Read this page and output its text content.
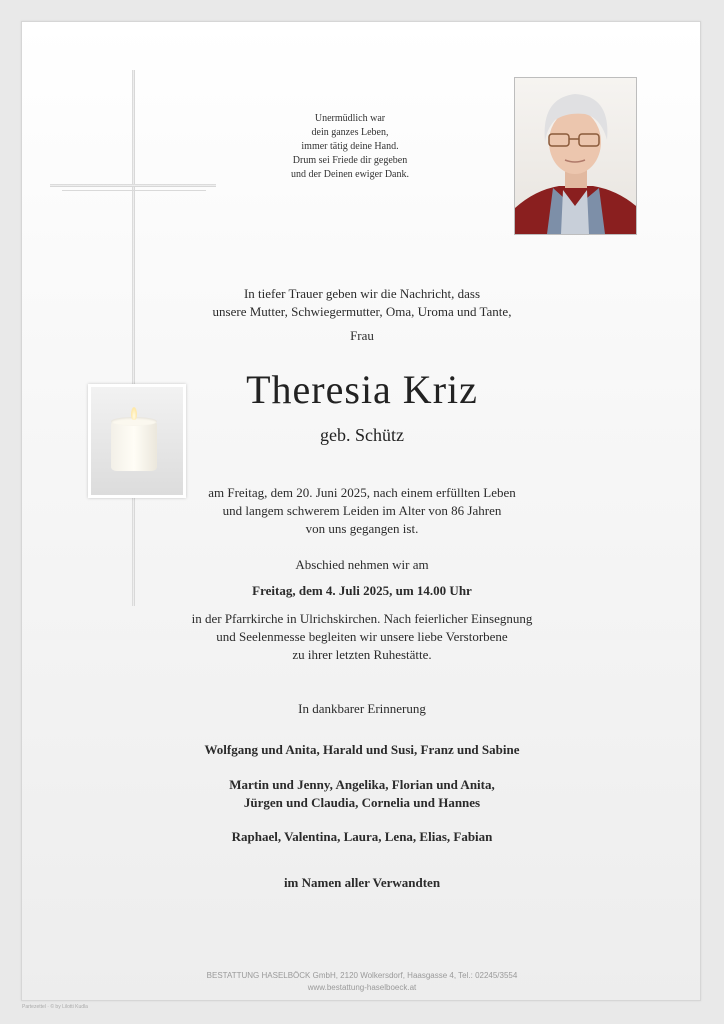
Unermüdlich war
dein ganzes Leben,
immer tätig deine Hand.
Drum sei Friede dir gegeben
und der Deinen ewiger Dank.
In tiefer Trauer geben wir die Nachricht, dass
unsere Mutter, Schwiegermutter, Oma, Uroma und Tante,
Frau
Theresia Kriz
geb. Schütz
am Freitag, dem 20. Juni 2025, nach einem erfüllten Leben
und langem schwerem Leiden im Alter von 86 Jahren
von uns gegangen ist.
Abschied nehmen wir am
Freitag, dem 4. Juli 2025, um 14.00 Uhr
in der Pfarrkirche in Ulrichskirchen. Nach feierlicher Einsegnung
und Seelenmesse begleiten wir unsere liebe Verstorbene
zu ihrer letzten Ruhestätte.
In dankbarer Erinnerung
Wolfgang und Anita, Harald und Susi, Franz und Sabine
Martin und Jenny, Angelika, Florian und Anita,
Jürgen und Claudia, Cornelia und Hannes
Raphael, Valentina, Laura, Lena, Elias, Fabian
im Namen aller Verwandten
BESTATTUNG HASELBÖCK GmbH, 2120 Wolkersdorf, Haasgasse 4, Tel.: 02245/3554
www.bestattung-haselboeck.at
Partezettel · © by Lilotti Kudla
